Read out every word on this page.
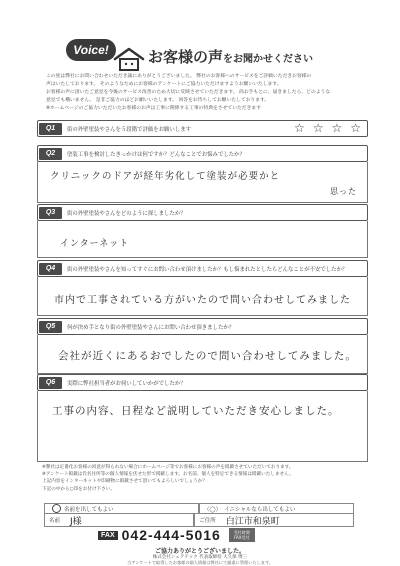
Voice!	お客様の声をお聞かせください

この度は弊社にお問い合わせいただき誠にありがとうございました。 弊社のお客様へのサービスをご評価いただきお客様の

声はいたしております。 そのようなためにお客様のアンケートにご協力いただけますようお願いいたします。

お客様の声に頂いたご意見を今後のサービス改善のため大切に反映させていただきます。 尚お手もとに、届きましたら、どのような

意見でも構いません。 是非ご協力のほどお願いいたします。 回答をお待ちしてお願いたしております。

※ホームページのご協力いただいたお客様のお声は工事に関係する工事の特典をさせていただきます

Q1	街の外壁塗装やさんを５段階で評価をお願いします	☆ ☆ ☆ ☆
Q2	塗装工事を検討したきっかけは何ですか？どんなことでお悩みでしたか？
クリニックのドアが経年劣化して塗装が必要かと
思った
Q3	街の外壁塗装やさんをどのように探しましたか？
インターネット
Q4	街の外壁塗装やさんを知ってすぐにお問い合わせ頂けましたか？もし悩まれたとしたらどんなことが不安でしたか？
市内で工事されている方がいたので問い合わせしてみました
Q5	何が決め手となり街の外壁塗装やさんにお問い合わせ頂きましたか？
会社が近くにあるおでしたので問い合わせしてみました。
Q6	実際に弊社担当者がお伺いしていかがでしたか？
工事の内容、日程など説明していただき安心しました。

※弊社は定番化お客様の同意が得られない場合にホームページ等でお客様にお客様の声を掲載させていただいております。

※アンケート掲載は氏名住所等の個人情報を伏せた形で掲載します。お名前、個人を特定できる情報は掲載いたしません。

上記内容をインターネットや印刷物に掲載させて頂いてもよろしいでしょうか？

下記の中から○印をお付け下さい。

名前を出してもよい	（◯） イニシャルなら出してもよい
名前 J様	ご住所 白江市和泉町
FAX 042-444-5016	受付時間
FAX受付
ご協力ありがとうございました。
株式会社シェアテック 代表取締役 大久保 博三
当アンケートで取得したお客様の個人情報は弊社にて厳重に管理いたします。
